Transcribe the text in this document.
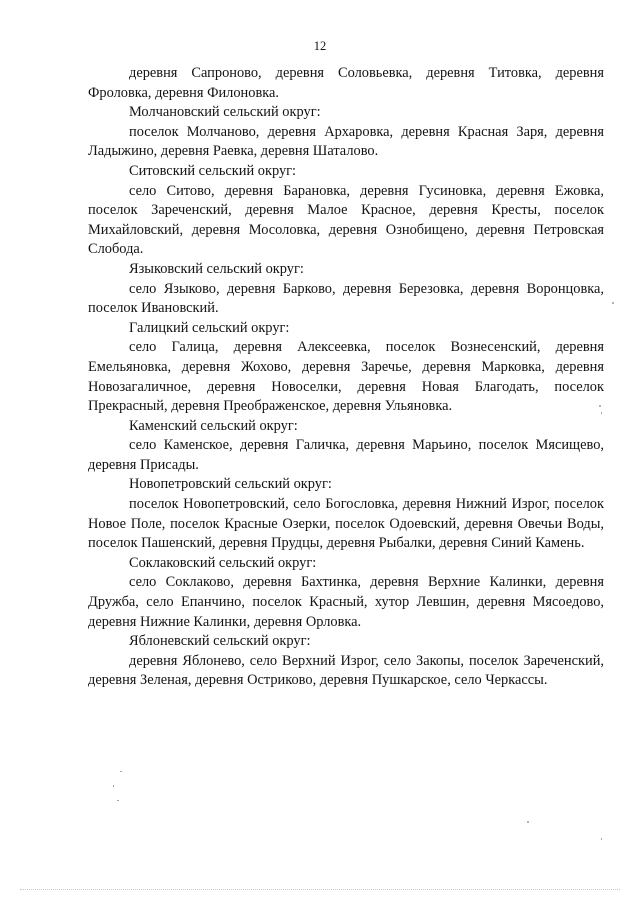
12

деревня Сапроново, деревня Соловьевка, деревня Титовка, деревня Фроловка, деревня Филоновка.

Молчановский сельский округ:

поселок Молчаново, деревня Архаровка, деревня Красная Заря, деревня Ладыжино, деревня Раевка, деревня Шаталово.

Ситовский сельский округ:

село Ситово, деревня Барановка, деревня Гусиновка, деревня Ежовка, поселок Зареченский, деревня Малое Красное, деревня Кресты, поселок Михайловский, деревня Мосоловка, деревня Ознобищено, деревня Петровская Слобода.

Языковский сельский округ:

село Языково, деревня Барково, деревня Березовка, деревня Воронцовка, поселок Ивановский.

Галицкий сельский округ:

село Галица, деревня Алексеевка, поселок Вознесенский, деревня Емельяновка, деревня Жохово, деревня Заречье, деревня Марковка, деревня Новозагаличное, деревня Новоселки, деревня Новая Благодать, поселок Прекрасный, деревня Преображенское, деревня Ульяновка.

Каменский сельский округ:

село Каменское, деревня Галичка, деревня Марьино, поселок Мясищево, деревня Присады.

Новопетровский сельский округ:

поселок Новопетровский, село Богословка, деревня Нижний Изрог, поселок Новое Поле, поселок Красные Озерки, поселок Одоевский, деревня Овечьи Воды, поселок Пашенский, деревня Прудцы, деревня Рыбалки, деревня Синий Камень.

Соклаковский сельский округ:

село Соклаково, деревня Бахтинка, деревня Верхние Калинки, деревня Дружба, село Епанчино, поселок Красный, хутор Левшин, деревня Мясоедово, деревня Нижние Калинки, деревня Орловка.

Яблоневский сельский округ:

деревня Яблонево, село Верхний Изрог, село Закопы, поселок Зареченский, деревня Зеленая, деревня Остриково, деревня Пушкарское, село Черкассы.
